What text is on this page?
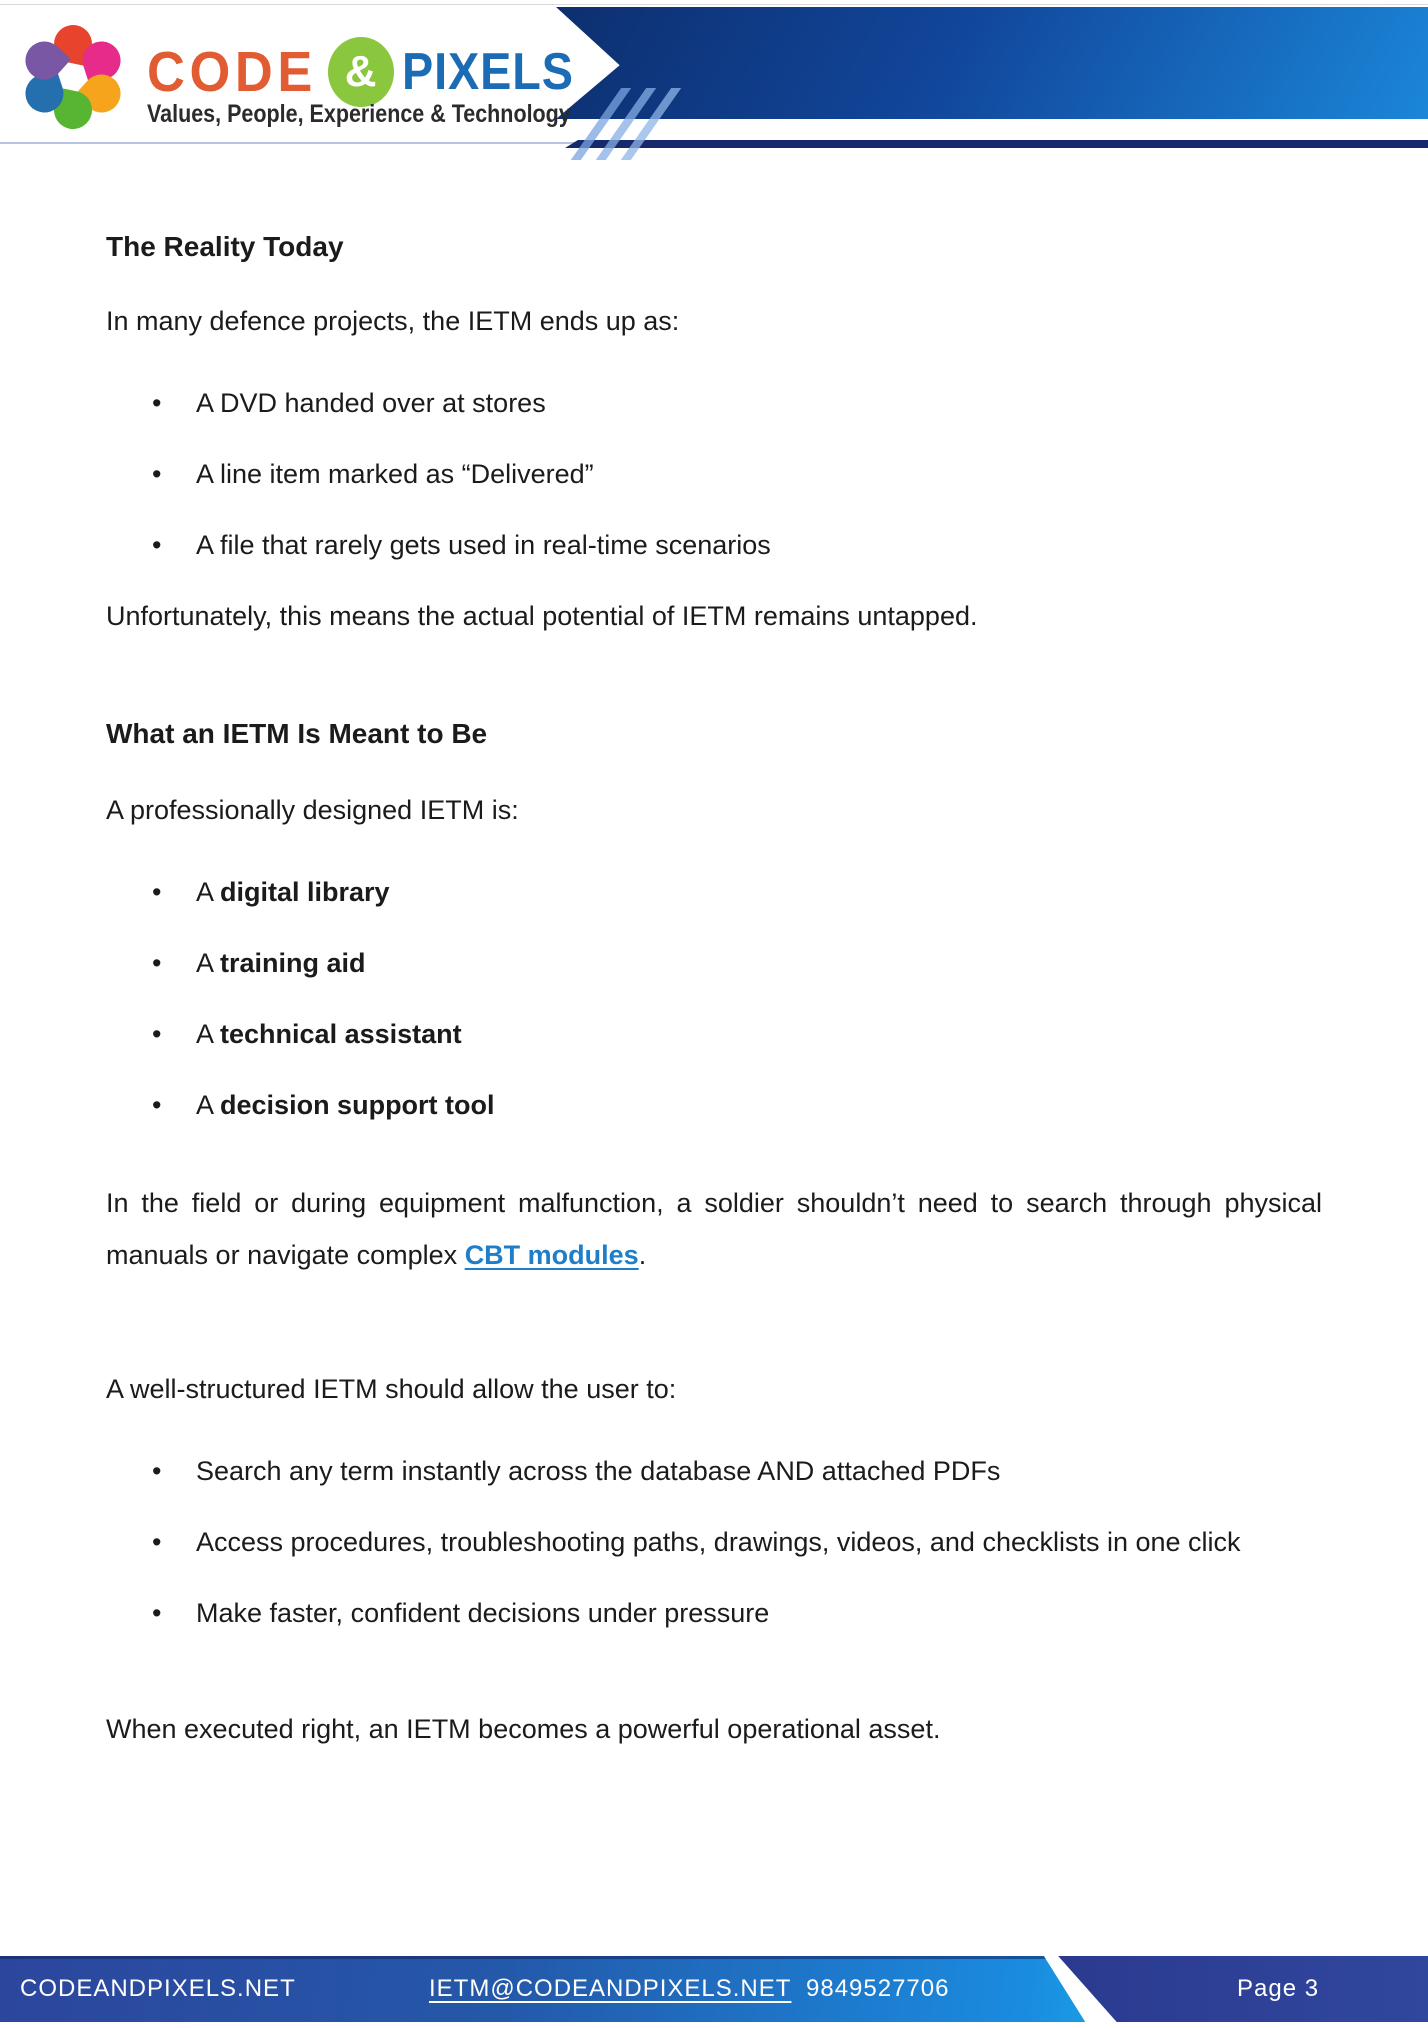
CODE & PIXELS
Values, People, Experience & Technology
The Reality Today

In many defence projects, the IETM ends up as:

• A DVD handed over at stores
• A line item marked as “Delivered”
• A file that rarely gets used in real-time scenarios

Unfortunately, this means the actual potential of IETM remains untapped.

What an IETM Is Meant to Be

A professionally designed IETM is:

• A digital library
• A training aid
• A technical assistant
• A decision support tool

In the field or during equipment malfunction, a soldier shouldn’t need to search through physical manuals or navigate complex CBT modules.

A well-structured IETM should allow the user to:

• Search any term instantly across the database AND attached PDFs
• Access procedures, troubleshooting paths, drawings, videos, and checklists in one click
• Make faster, confident decisions under pressure

When executed right, an IETM becomes a powerful operational asset.

CODEANDPIXELS.NET	IETM@CODEANDPIXELS.NET 9849527706	Page 3
